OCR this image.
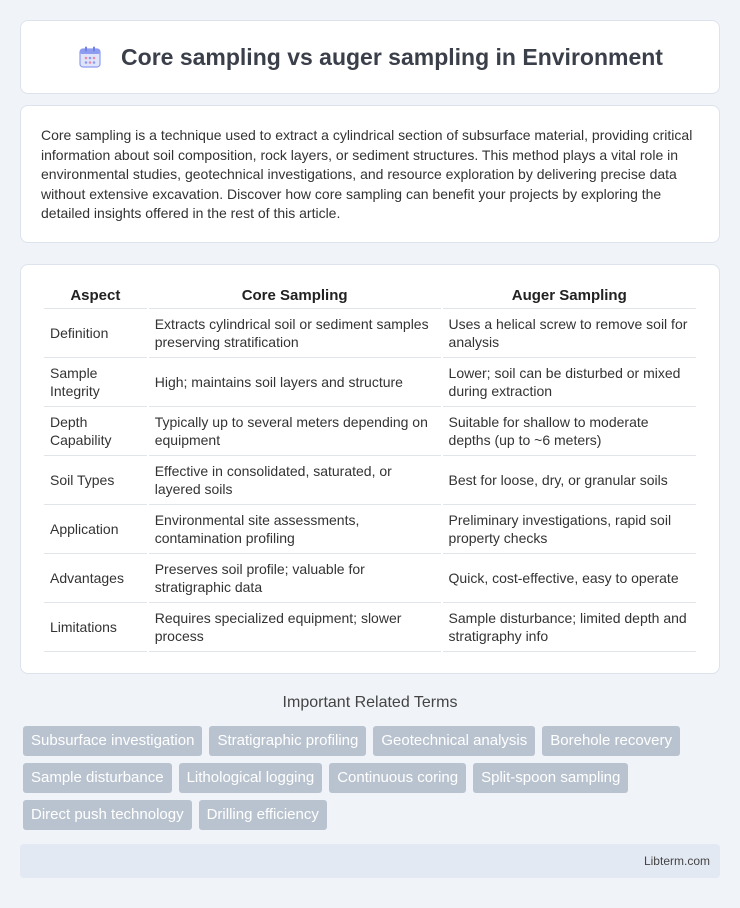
Core sampling vs auger sampling in Environment

Core sampling is a technique used to extract a cylindrical section of subsurface material, providing critical information about soil composition, rock layers, or sediment structures. This method plays a vital role in environmental studies, geotechnical investigations, and resource exploration by delivering precise data without extensive excavation. Discover how core sampling can benefit your projects by exploring the detailed insights offered in the rest of this article.

Aspect	Core Sampling	Auger Sampling
Definition	Extracts cylindrical soil or sediment samples preserving stratification	Uses a helical screw to remove soil for analysis
Sample Integrity	High; maintains soil layers and structure	Lower; soil can be disturbed or mixed during extraction
Depth Capability	Typically up to several meters depending on equipment	Suitable for shallow to moderate depths (up to ~6 meters)
Soil Types	Effective in consolidated, saturated, or layered soils	Best for loose, dry, or granular soils
Application	Environmental site assessments, contamination profiling	Preliminary investigations, rapid soil property checks
Advantages	Preserves soil profile; valuable for stratigraphic data	Quick, cost-effective, easy to operate
Limitations	Requires specialized equipment; slower process	Sample disturbance; limited depth and stratigraphy info
Important Related Terms
Subsurface investigation	Stratigraphic profiling	Geotechnical analysis	Borehole recovery
Sample disturbance	Lithological logging	Continuous coring	Split-spoon sampling
Direct push technology	Drilling efficiency
Libterm.com
